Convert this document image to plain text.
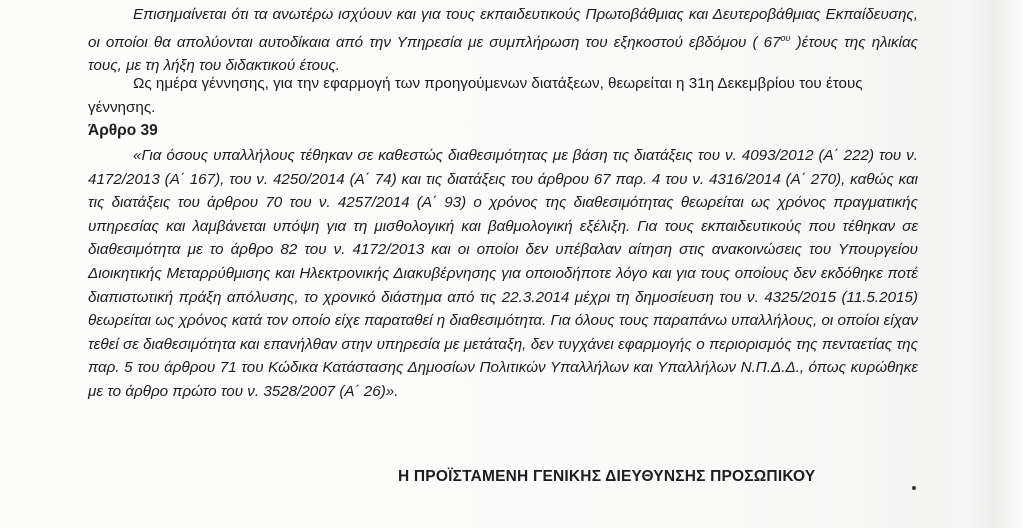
Επισημαίνεται ότι τα ανωτέρω ισχύουν και για τους εκπαιδευτικούς Πρωτοβάθμιας και Δευτεροβάθμιας Εκπαίδευσης, οι οποίοι θα απολύονται αυτοδίκαια από την Υπηρεσία με συμπλήρωση του εξηκοστού εβδόμου ( $67^{o\upsilon}$ )έτους της ηλικίας τους, με τη λήξη του διδακτικού έτους.

Ως ημέρα γέννησης, για την εφαρμογή των προηγούμενων διατάξεων, θεωρείται η 31η Δεκεμβρίου του έτους γέννησης.

Άρθρο 39

«Για όσους υπαλλήλους τέθηκαν σε καθεστώς διαθεσιμότητας με βάση τις διατάξεις του ν. 4093/2012 (Α΄ 222) του ν. 4172/2013 (Α΄ 167), του ν. 4250/2014 (Α΄ 74) και τις διατάξεις του άρθρου 67 παρ. 4 του ν. 4316/2014 (Α΄ 270), καθώς και τις διατάξεις του άρθρου 70 του ν. 4257/2014 (Α΄ 93) ο χρόνος της διαθεσιμότητας θεωρείται ως χρόνος πραγματικής υπηρεσίας και λαμβάνεται υπόψη για τη μισθολογική και βαθμολογική εξέλιξη. Για τους εκπαιδευτικούς που τέθηκαν σε διαθεσιμότητα με το άρθρο 82 του ν. 4172/2013 και οι οποίοι δεν υπέβαλαν αίτηση στις ανακοινώσεις του Υπουργείου Διοικητικής Μεταρρύθμισης και Ηλεκτρονικής Διακυβέρνησης για οποιοδήποτε λόγο και για τους οποίους δεν εκδόθηκε ποτέ διαπιστωτική πράξη απόλυσης, το χρονικό διάστημα από τις 22.3.2014 μέχρι τη δημοσίευση του ν. 4325/2015 (11.5.2015) θεωρείται ως χρόνος κατά τον οποίο είχε παραταθεί η διαθεσιμότητα. Για όλους τους παραπάνω υπαλλήλους, οι οποίοι είχαν τεθεί σε διαθεσιμότητα και επανήλθαν στην υπηρεσία με μετάταξη, δεν τυγχάνει εφαρμογής ο περιορισμός της πενταετίας της παρ. 5 του άρθρου 71 του Κώδικα Κατάστασης Δημοσίων Πολιτικών Υπαλλήλων και Υπαλλήλων Ν.Π.Δ.Δ., όπως κυρώθηκε με το άρθρο πρώτο του ν. 3528/2007 (Α΄ 26)».

Η ΠΡΟΪΣΤΑΜΕΝΗ ΓΕΝΙΚΗΣ ΔΙΕΥΘΥΝΣΗΣ ΠΡΟΣΩΠΙΚΟΥ
